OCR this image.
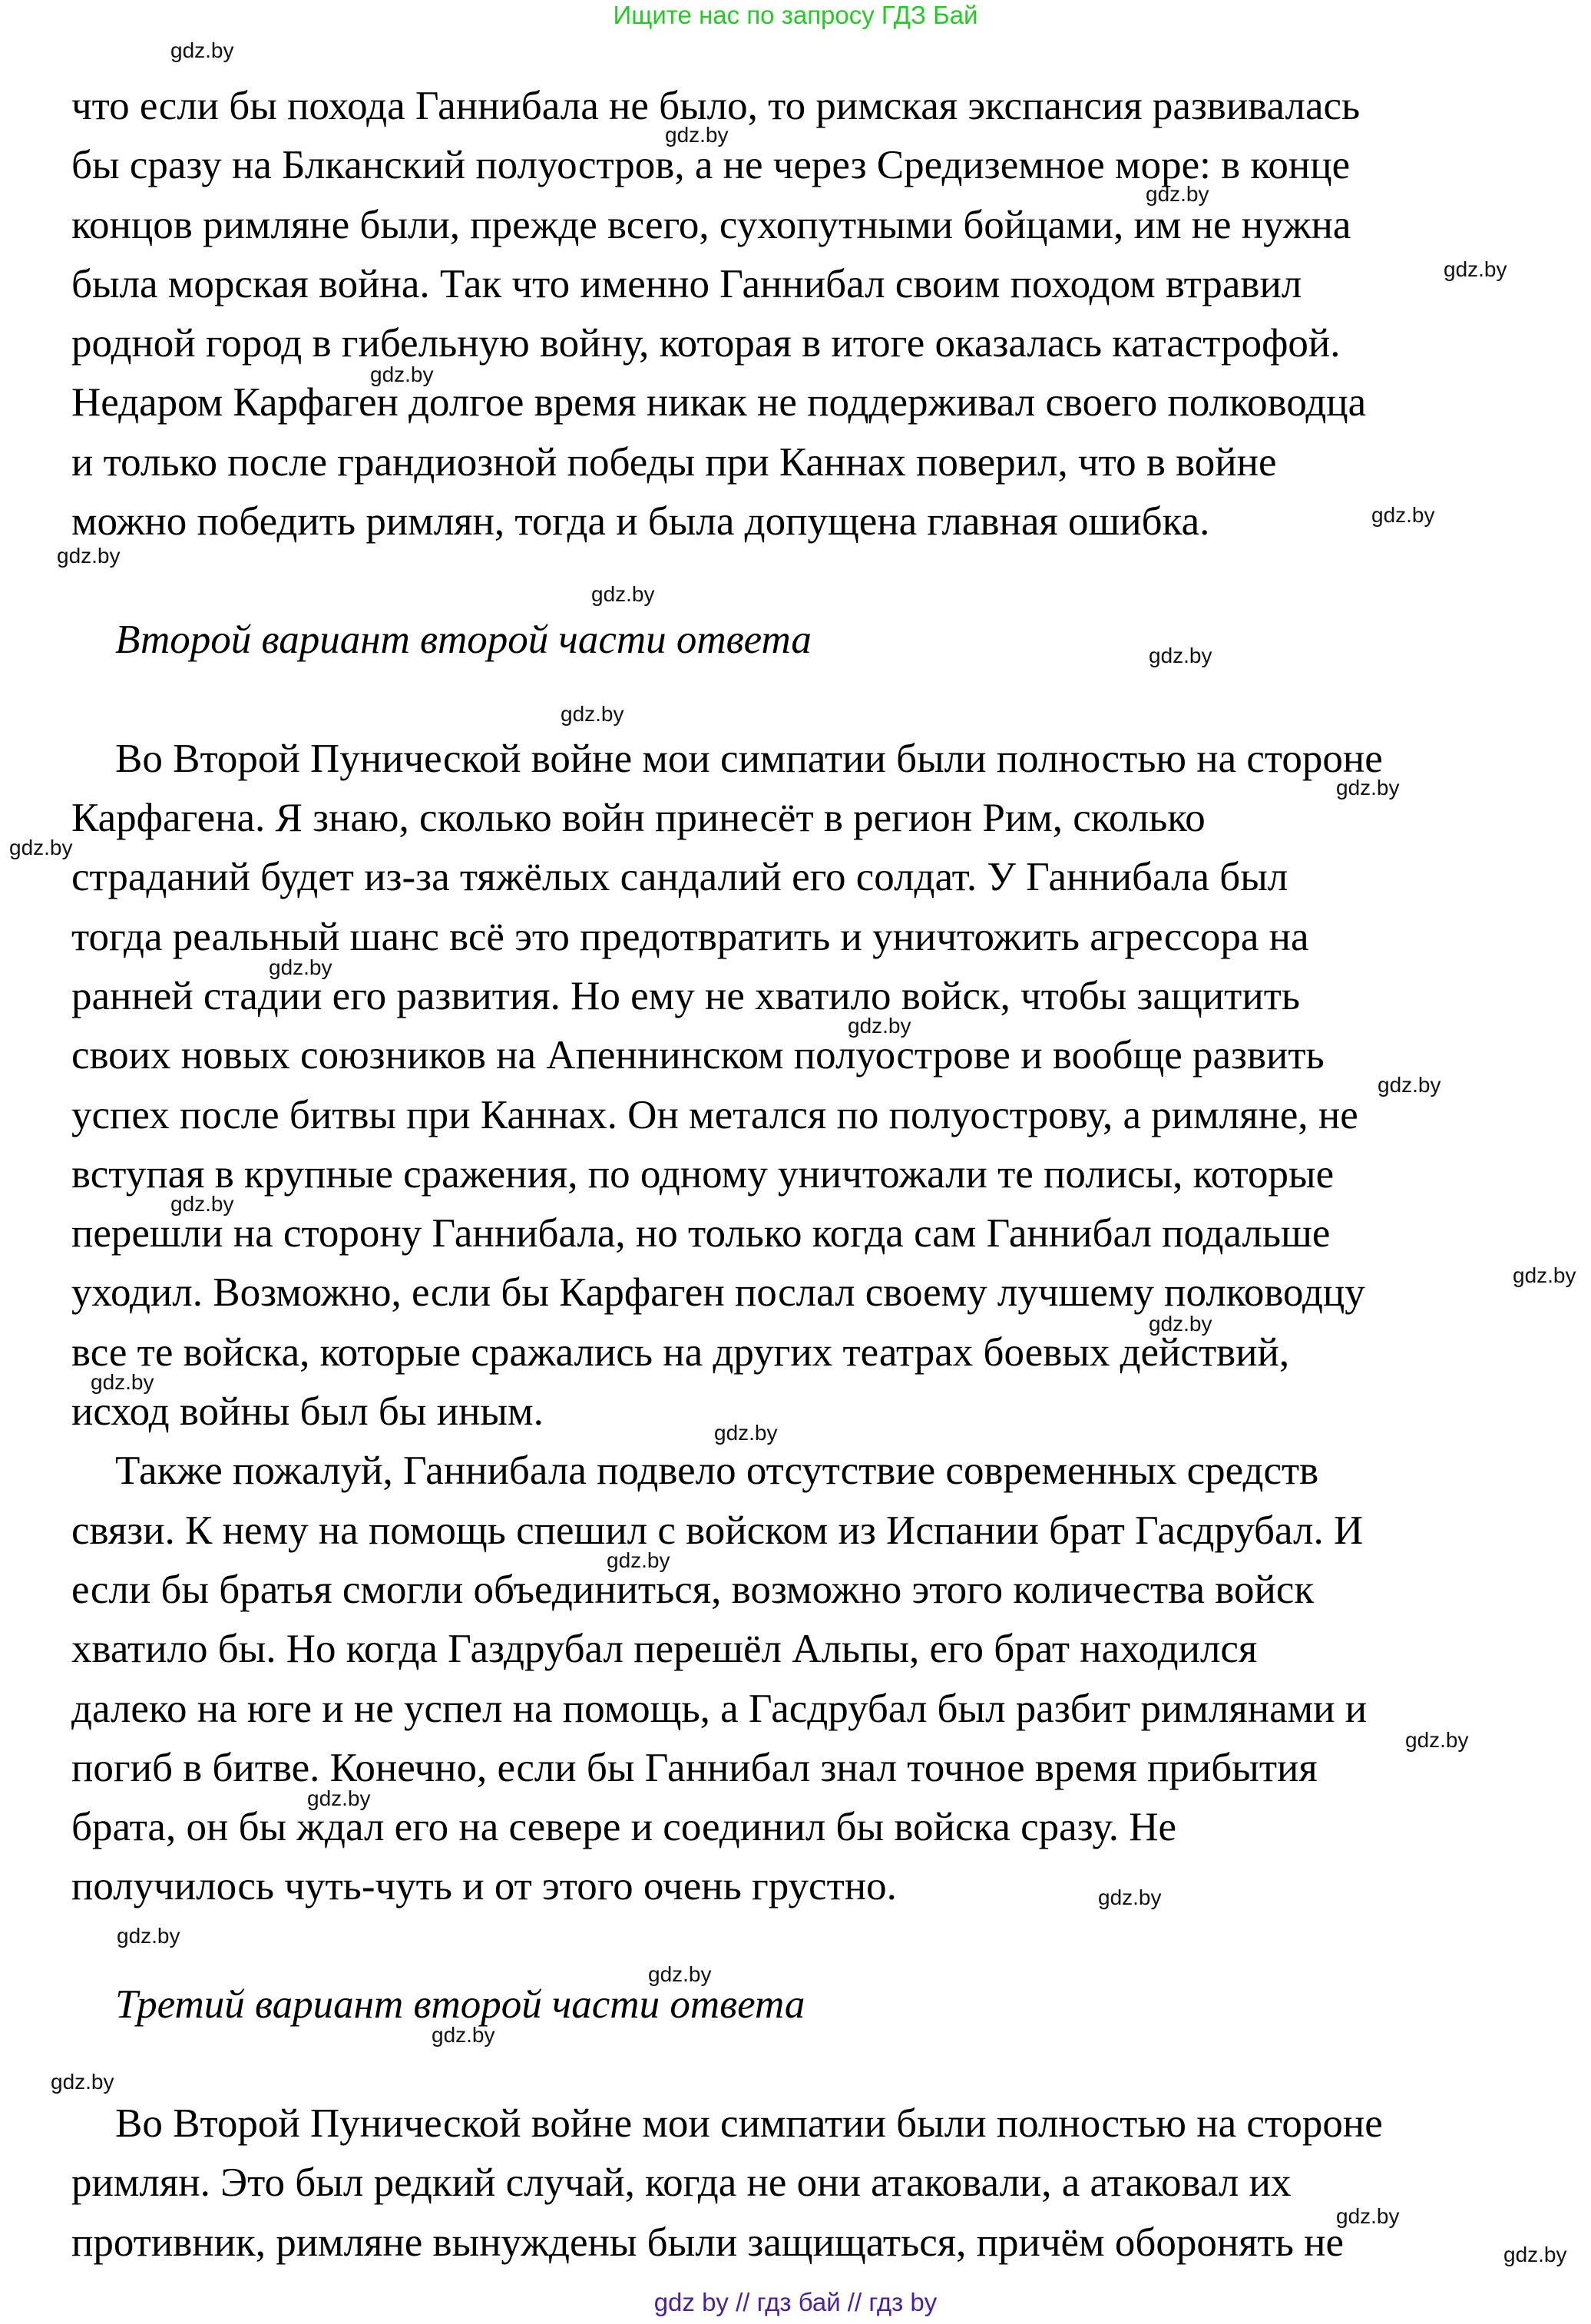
Ищите нас по запросу ГДЗ Бай
что если бы похода Ганнибала не было, то римская экспансия развивалась
бы сразу на Блканский полуостров, а не через Средиземное море: в конце
концов римляне были, прежде всего, сухопутными бойцами, им не нужна
была морская война. Так что именно Ганнибал своим походом втравил
родной город в гибельную войну, которая в итоге оказалась катастрофой.
Недаром Карфаген долгое время никак не поддерживал своего полководца
и только после грандиозной победы при Каннах поверил, что в войне
можно победить римлян, тогда и была допущена главная ошибка.
Второй вариант второй части ответа
Во Второй Пунической войне мои симпатии были полностью на стороне
Карфагена. Я знаю, сколько войн принесёт в регион Рим, сколько
страданий будет из-за тяжёлых сандалий его солдат. У Ганнибала был
тогда реальный шанс всё это предотвратить и уничтожить агрессора на
ранней стадии его развития. Но ему не хватило войск, чтобы защитить
своих новых союзников на Апеннинском полуострове и вообще развить
успех после битвы при Каннах. Он метался по полуострову, а римляне, не
вступая в крупные сражения, по одному уничтожали те полисы, которые
перешли на сторону Ганнибала, но только когда сам Ганнибал подальше
уходил. Возможно, если бы Карфаген послал своему лучшему полководцу
все те войска, которые сражались на других театрах боевых действий,
исход войны был бы иным.
Также пожалуй, Ганнибала подвело отсутствие современных средств
связи. К нему на помощь спешил с войском из Испании брат Гасдрубал. И
если бы братья смогли объединиться, возможно этого количества войск
хватило бы. Но когда Газдрубал перешёл Альпы, его брат находился
далеко на юге и не успел на помощь, а Гасдрубал был разбит римлянами и
погиб в битве. Конечно, если бы Ганнибал знал точное время прибытия
брата, он бы ждал его на севере и соединил бы войска сразу. Не
получилось чуть-чуть и от этого очень грустно.
Третий вариант второй части ответа
Во Второй Пунической войне мои симпатии были полностью на стороне
римлян. Это был редкий случай, когда не они атаковали, а атаковал их
противник, римляне вынуждены были защищаться, причём оборонять не
gdz.by
gdz.by
gdz.by
gdz.by
gdz.by
gdz.by
gdz.by
gdz.by
gdz.by
gdz.by
gdz.by
gdz.by
gdz.by
gdz.by
gdz.by
gdz.by
gdz.by
gdz.by
gdz.by
gdz.by
gdz.by
gdz.by
gdz.by
gdz.by
gdz.by
gdz.by
gdz.by
gdz.by
gdz.by
gdz.by
gdz by // гдз бай // гдз by
